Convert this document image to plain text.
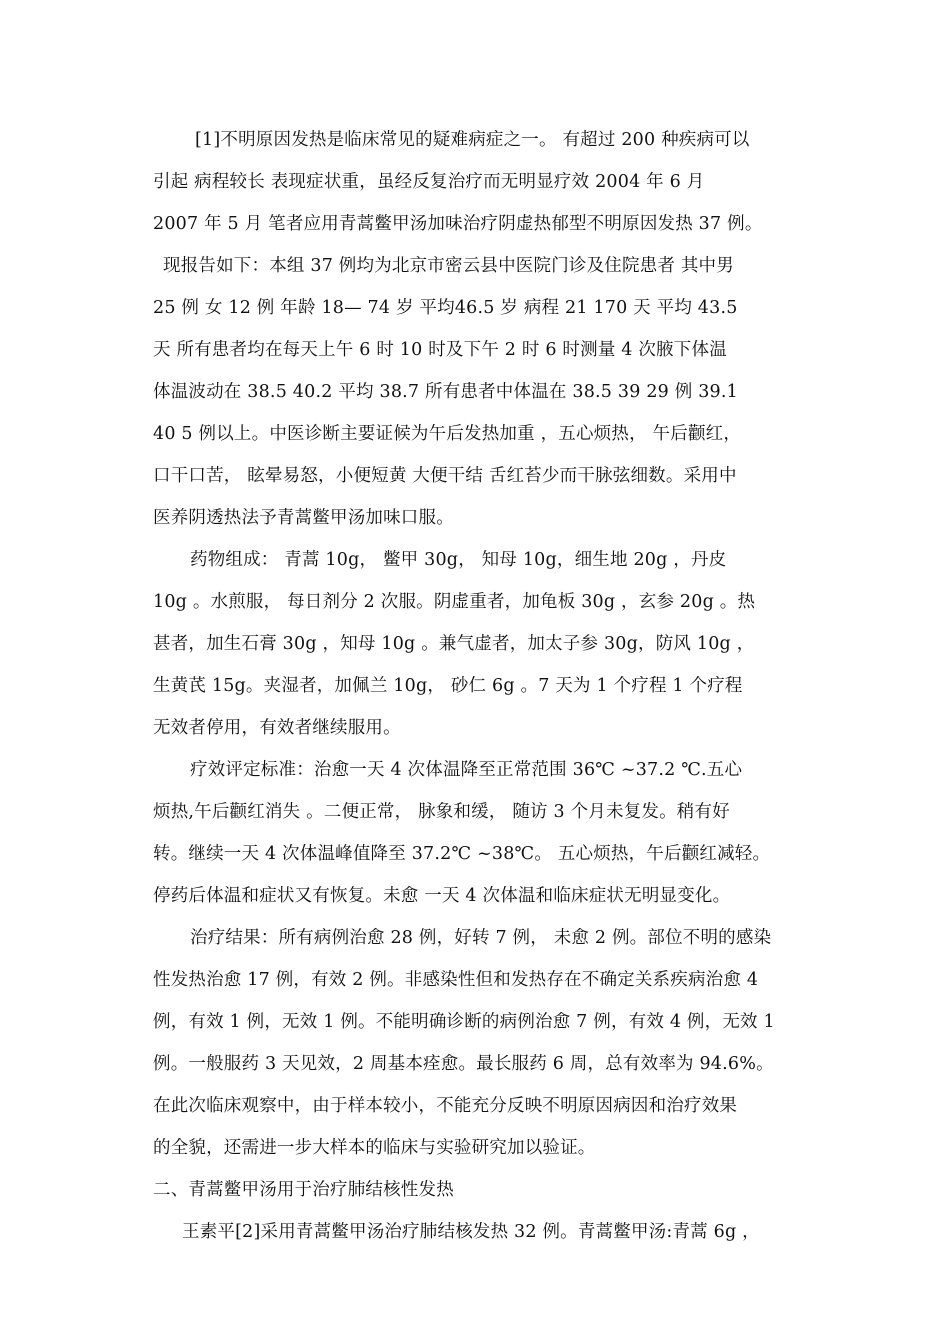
[1]不明原因发热是临床常见的疑难病症之一。 有超过 200 种疾病可以
引起 病程较长 表现症状重，虽经反复治疗而无明显疗效 2004 年 6 月
2007 年 5 月 笔者应用青蒿鳖甲汤加味治疗阴虚热郁型不明原因发热 37 例。
现报告如下：本组 37 例均为北京市密云县中医院门诊及住院患者 其中男
25 例 女 12 例 年龄 18— 74 岁 平均46.5 岁 病程 21 170 天 平均 43.5
天 所有患者均在每天上午 6 时 10 时及下午 2 时 6 时测量 4 次腋下体温
体温波动在 38.5 40.2 平均 38.7 所有患者中体温在 38.5 39 29 例 39.1
40 5 例以上。中医诊断主要证候为午后发热加重 ，五心烦热， 午后颧红，
口干口苦， 眩晕易怒，小便短黄 大便干结 舌红苔少而干脉弦细数。采用中
医养阴透热法予青蒿鳖甲汤加味口服。
药物组成： 青蒿 10g， 鳖甲 30g， 知母 10g，细生地 20g ，丹皮
10g 。水煎服， 每日剂分 2 次服。阴虚重者，加龟板 30g ，玄参 20g 。热
甚者，加生石膏 30g ，知母 10g 。兼气虚者，加太子参 30g，防风 10g ，
生黄芪 15g。夹湿者，加佩兰 10g， 砂仁 6g 。7 天为 1 个疗程 1 个疗程
无效者停用，有效者继续服用。
疗效评定标准：治愈一天 4 次体温降至正常范围 36℃ ~37.2 ℃.五心
烦热,午后颧红消失 。二便正常， 脉象和缓， 随访 3 个月未复发。稍有好
转。继续一天 4 次体温峰值降至 37.2℃ ~38℃。 五心烦热，午后颧红减轻。
停药后体温和症状又有恢复。未愈 一天 4 次体温和临床症状无明显变化。
治疗结果：所有病例治愈 28 例，好转 7 例， 未愈 2 例。部位不明的感染
性发热治愈 17 例，有效 2 例。非感染性但和发热存在不确定关系疾病治愈 4
例，有效 1 例，无效 1 例。不能明确诊断的病例治愈 7 例，有效 4 例，无效 1
例。一般服药 3 天见效，2 周基本痊愈。最长服药 6 周，总有效率为 94.6%。
在此次临床观察中，由于样本较小，不能充分反映不明原因病因和治疗效果
的全貌，还需进一步大样本的临床与实验研究加以验证。
二、青蒿鳖甲汤用于治疗肺结核性发热
王素平[2]采用青蒿鳖甲汤治疗肺结核发热 32 例。青蒿鳖甲汤:青蒿 6g ，
